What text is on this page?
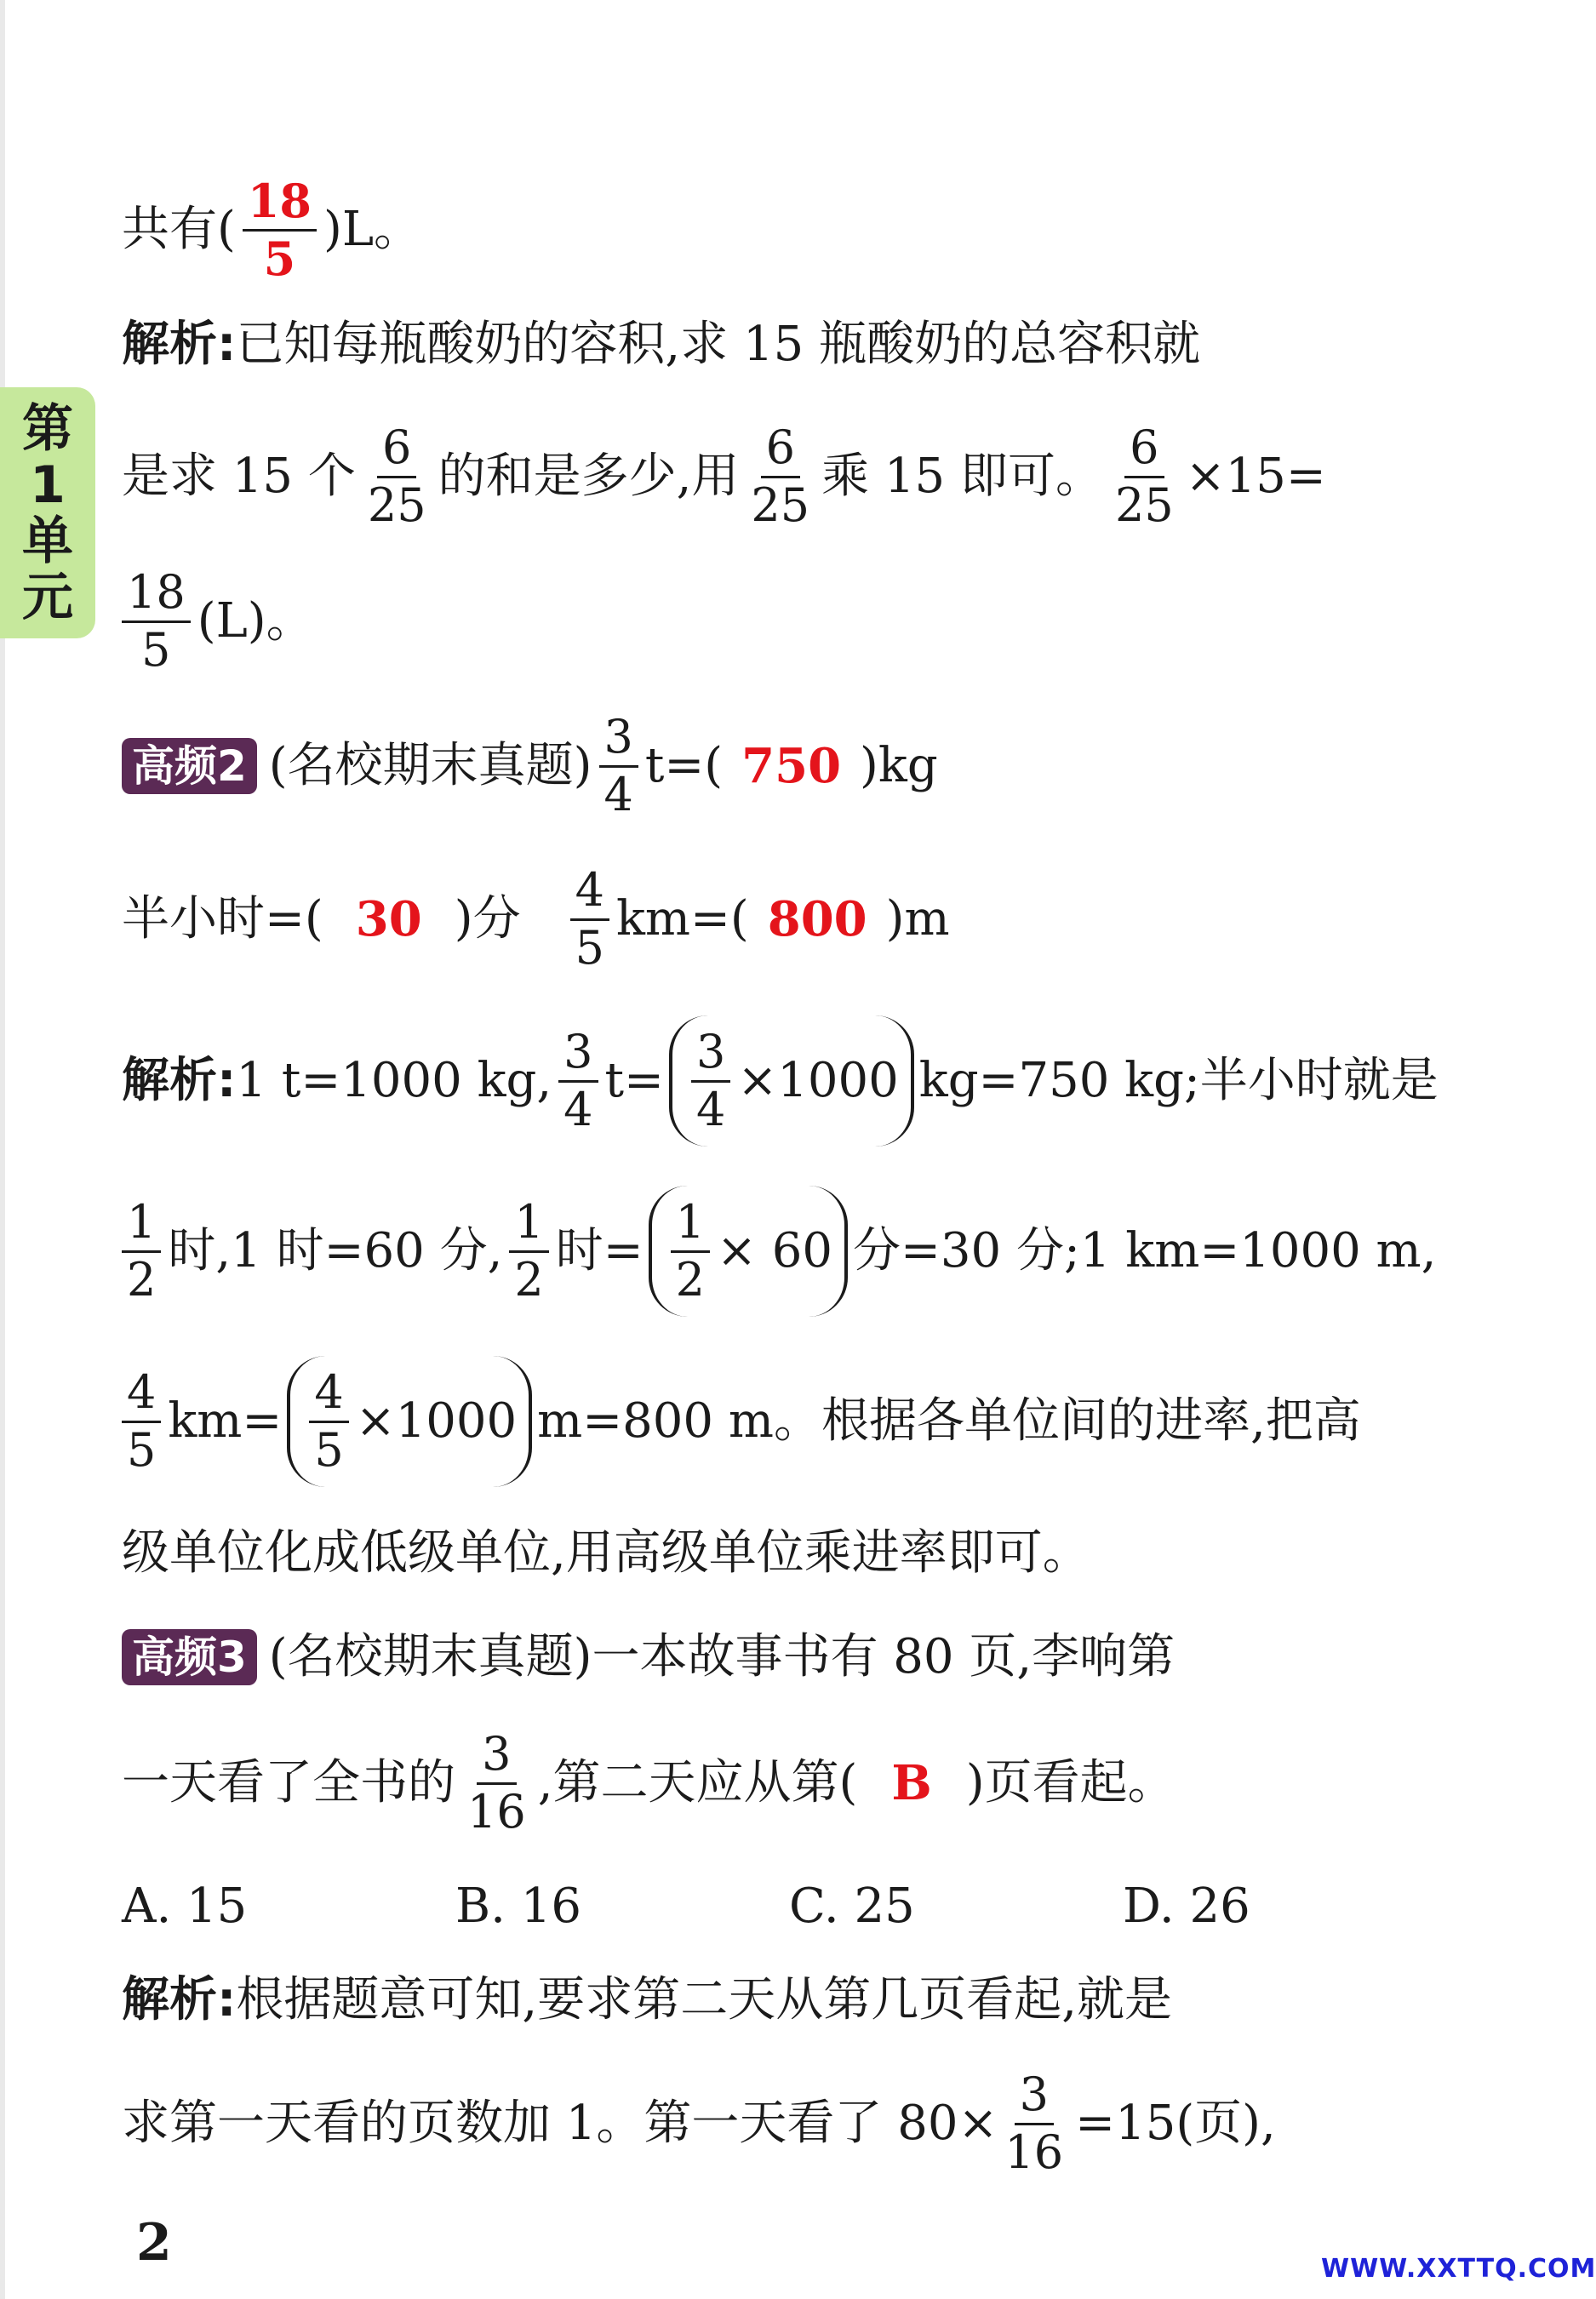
第
1
单
元
共有( $\frac{18}{5} )L$。
解析 : 已知每瓶酸奶的容积,求 15 瓶酸奶的总容积就
是求 15 个 $\frac{6}{25}$ 的和是多少,用 $\frac{6}{25}$ 乘 15 即可。 $\frac{6}{25} \times 15=$
$\frac{18}{5} (L)$。
高频2 (名校期末真题) $\frac{3}{4} t=$( 750 )kg
半小时=( 30 )分 $\frac{4}{5} km=$( 800 )m
解析 : 1 t=1000 kg, $\frac{3}{4} t= \frac{3}{4} \times 1000$ kg=750 kg;半小时就是
$\frac{1}{2}$ 时,1 时=60 分, $\frac{1}{2}$ 时= $\frac{1}{2} \times 60$ 分=30 分;1 km=1000 m,
$\frac{4}{5} km= \frac{4}{5} \times 1000$ m=800 m。根据各单位间的进率,把高
级单位化成低级单位,用高级单位乘进率即可。
高频3 (名校期末真题) 一本故事书有 80 页,李响第
一天看了全书的 $\frac{3}{16}$ ,第二天应从第( B )页看起。
A. 15	B. 16	C. 25	D. 26
解析 : 根据题意可知,要求第二天从第几页看起,就是
求第一天看的页数加 1。第一天看了 $80\times \frac{3}{16} =15$(页),
2	WWW.XXTTQ.COM
